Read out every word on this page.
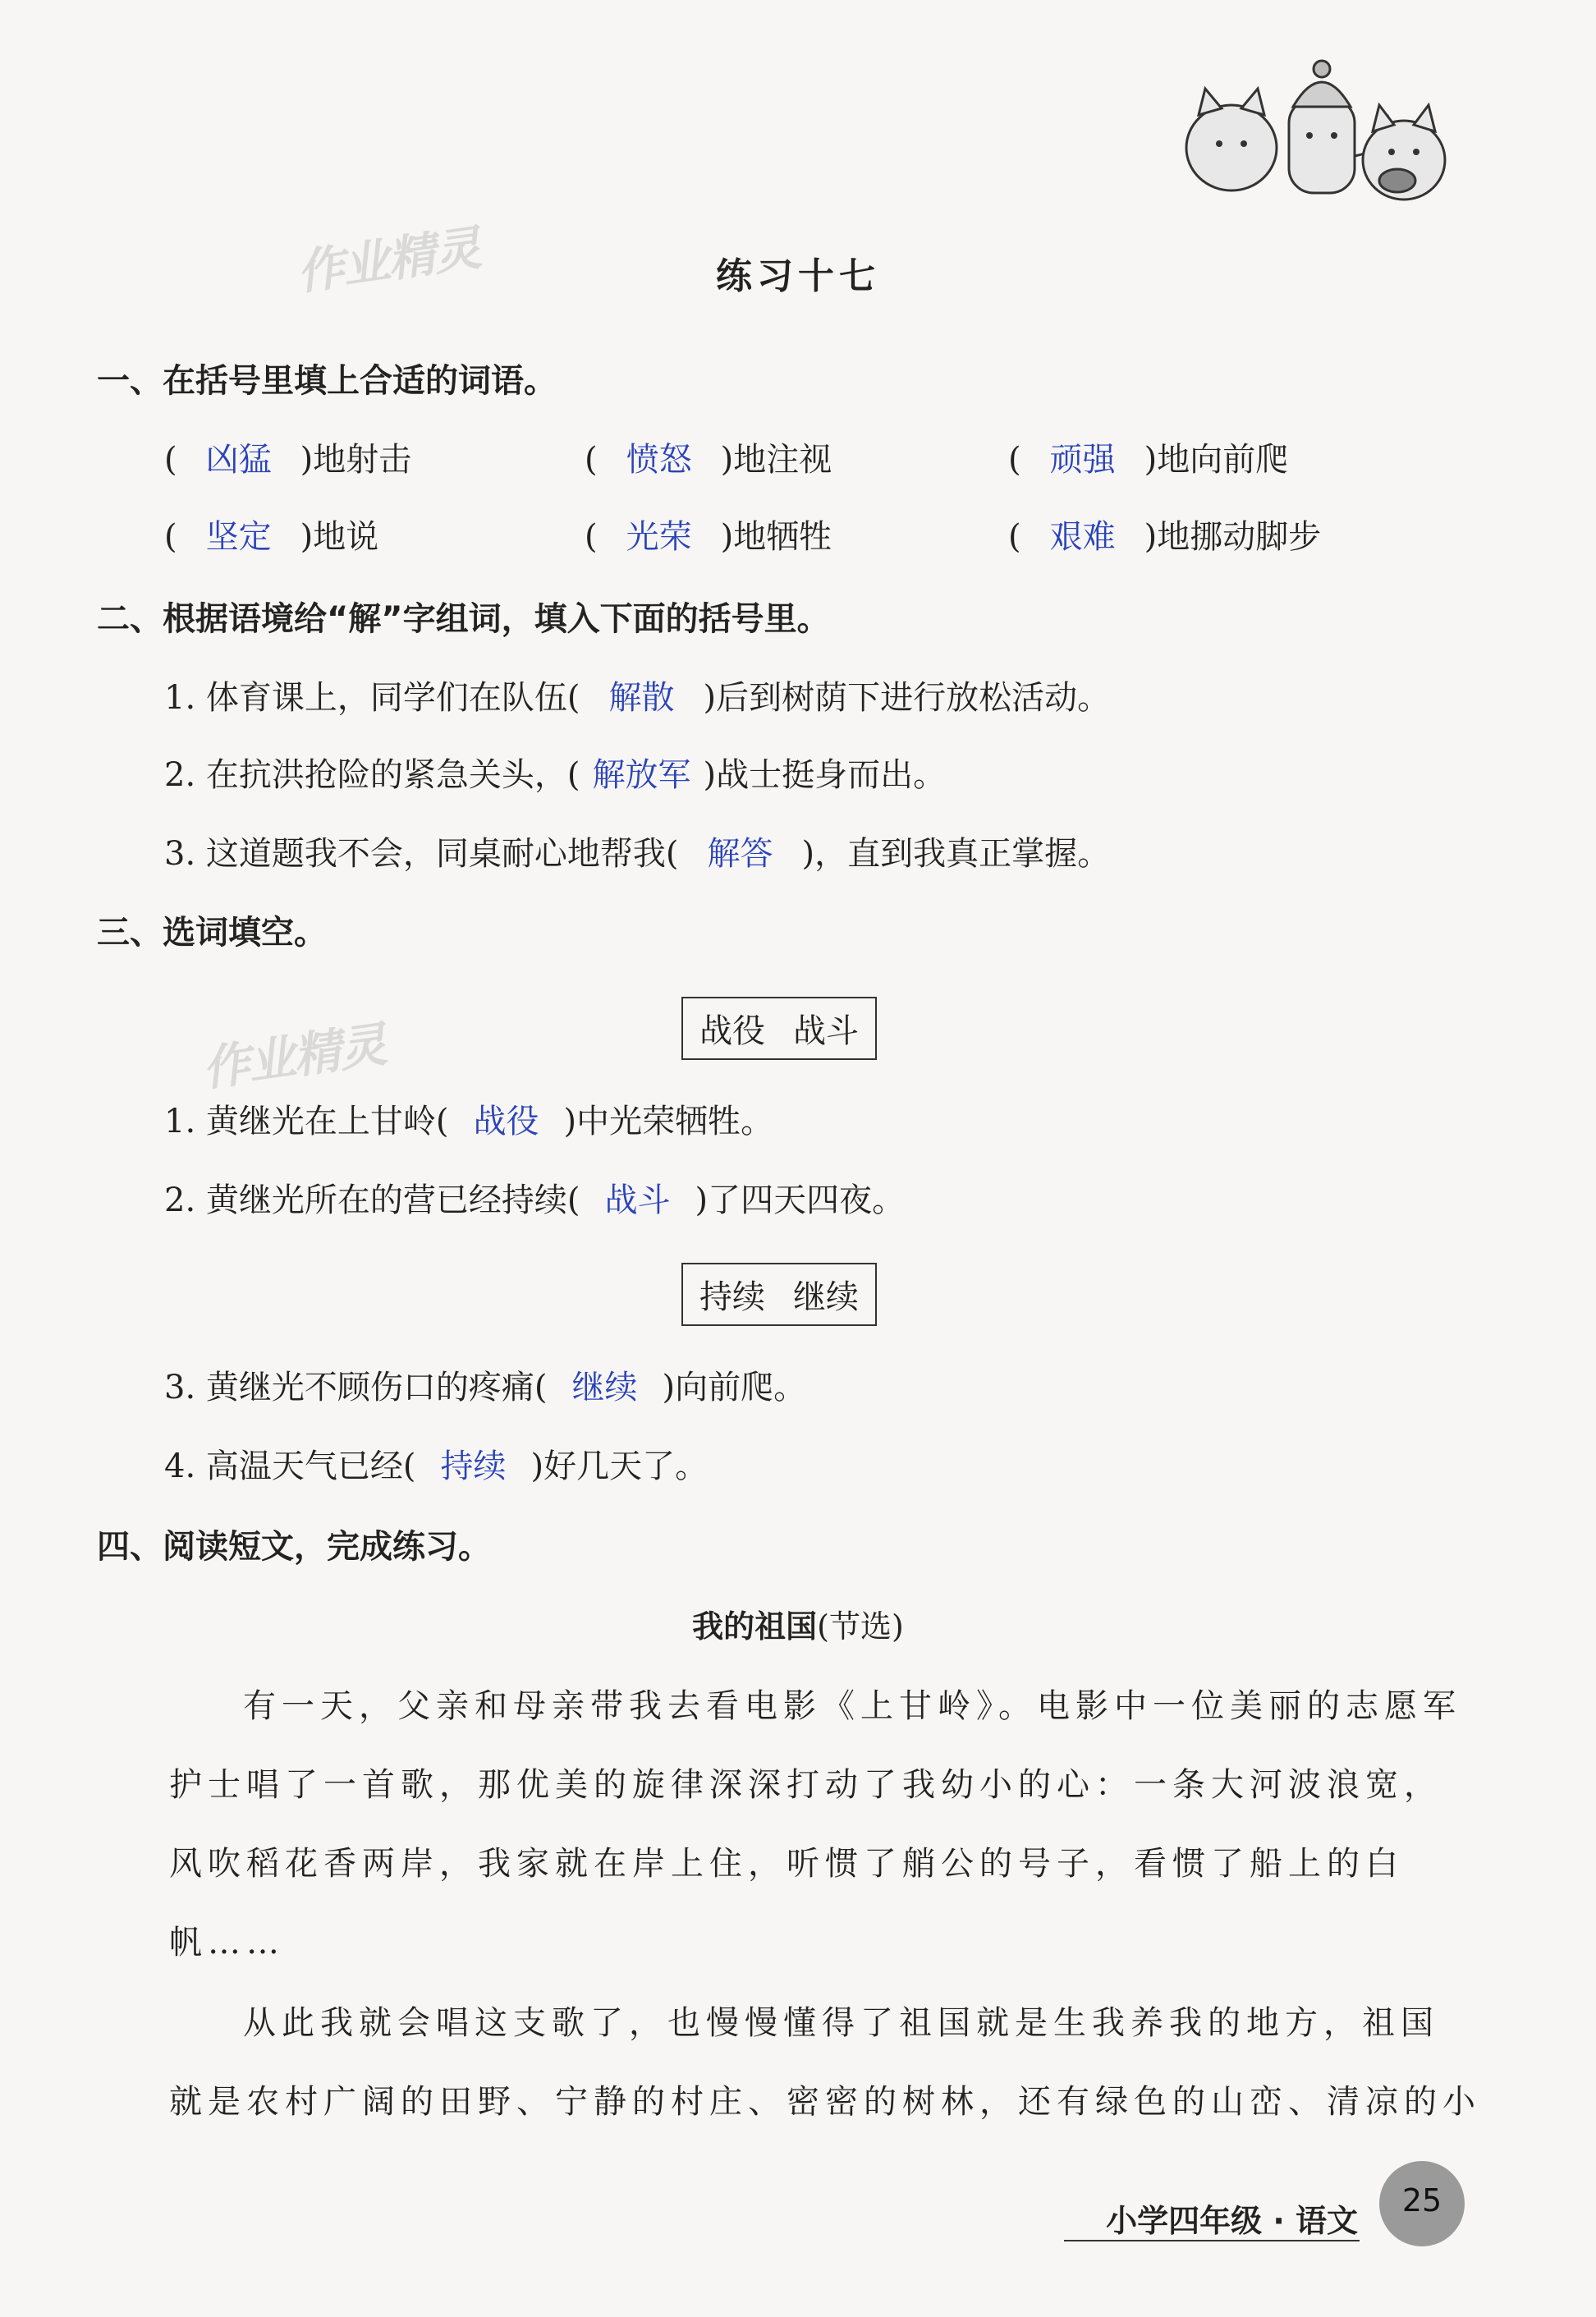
作业精灵
作业精灵
练习十七
一、在括号里填上合适的词语。
( 凶猛 )地射击	( 愤怒 )地注视	( 顽强 )地向前爬
( 坚定 )地说	( 光荣 )地牺牲	( 艰难 )地挪动脚步
二、根据语境给“解”字组词，填入下面的括号里。
1. 体育课上，同学们在队伍( 解散 )后到树荫下进行放松活动。
2. 在抗洪抢险的紧急关头，( 解放军 )战士挺身而出。
3. 这道题我不会，同桌耐心地帮我( 解答 )，直到我真正掌握。
三、选词填空。
战役 战斗
1. 黄继光在上甘岭( 战役 )中光荣牺牲。
2. 黄继光所在的营已经持续( 战斗 )了四天四夜。
持续 继续
3. 黄继光不顾伤口的疼痛( 继续 )向前爬。
4. 高温天气已经( 持续 )好几天了。
四、阅读短文，完成练习。
我的祖国(节选)
有一天，父亲和母亲带我去看电影《上甘岭》。电影中一位美丽的志愿军
护士唱了一首歌，那优美的旋律深深打动了我幼小的心：一条大河波浪宽，
风吹稻花香两岸，我家就在岸上住，听惯了艄公的号子，看惯了船上的白
帆……
从此我就会唱这支歌了，也慢慢懂得了祖国就是生我养我的地方，祖国
就是农村广阔的田野、宁静的村庄、密密的树林，还有绿色的山峦、清凉的小
小学四年级 · 语文
25
